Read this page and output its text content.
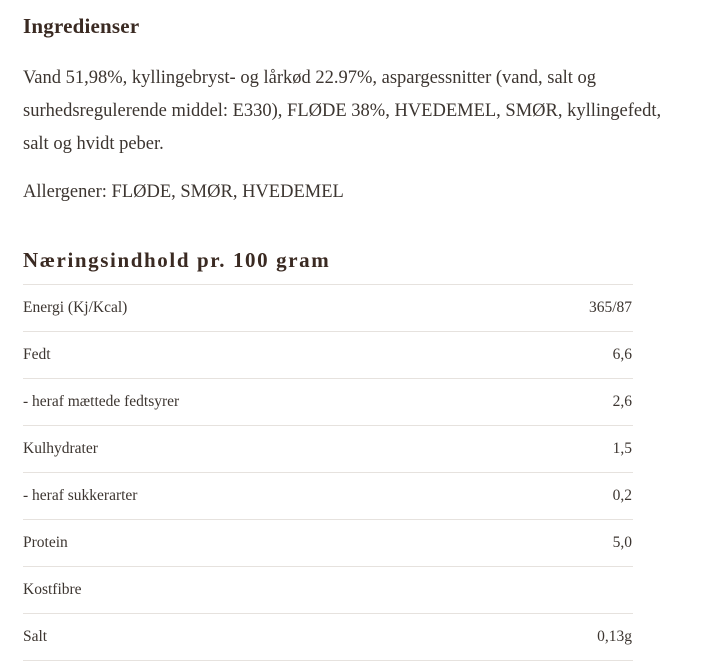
Ingredienser

Vand 51,98%, kyllingebryst- og lårkød 22.97%, aspargessnitter (vand, salt og surhedsregulerende middel: E330), FLØDE 38%, HVEDEMEL, SMØR, kyllingefedt, salt og hvidt peber.

Allergener: FLØDE, SMØR, HVEDEMEL

Næringsindhold pr. 100 gram
Energi (Kj/Kcal)	365/87
Fedt	6,6
- heraf mættede fedtsyrer	2,6
Kulhydrater	1,5
- heraf sukkerarter	0,2
Protein	5,0
Kostfibre
Salt	0,13g
